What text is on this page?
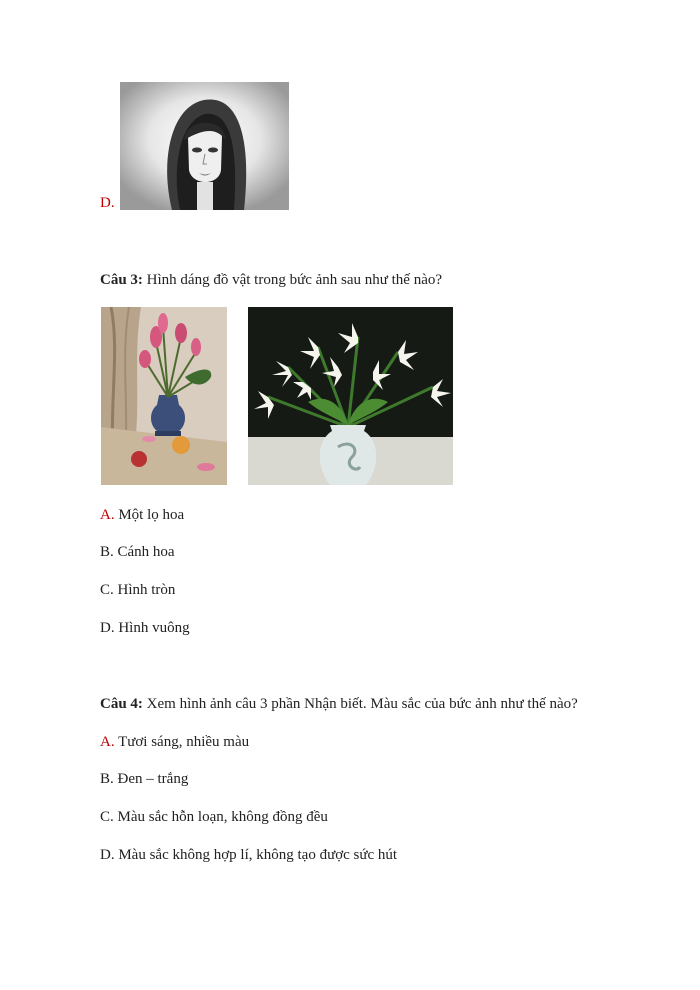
D.
Câu 3: Hình dáng đồ vật trong bức ảnh sau như thế nào?
A. Một lọ hoa
B. Cánh hoa
C. Hình tròn
D. Hình vuông
Câu 4: Xem hình ảnh câu 3 phần Nhận biết. Màu sắc của bức ảnh như thế nào?
A. Tươi sáng, nhiều màu
B. Đen – trắng
C. Màu sắc hỗn loạn, không đồng đều
D. Màu sắc không hợp lí, không tạo được sức hút
